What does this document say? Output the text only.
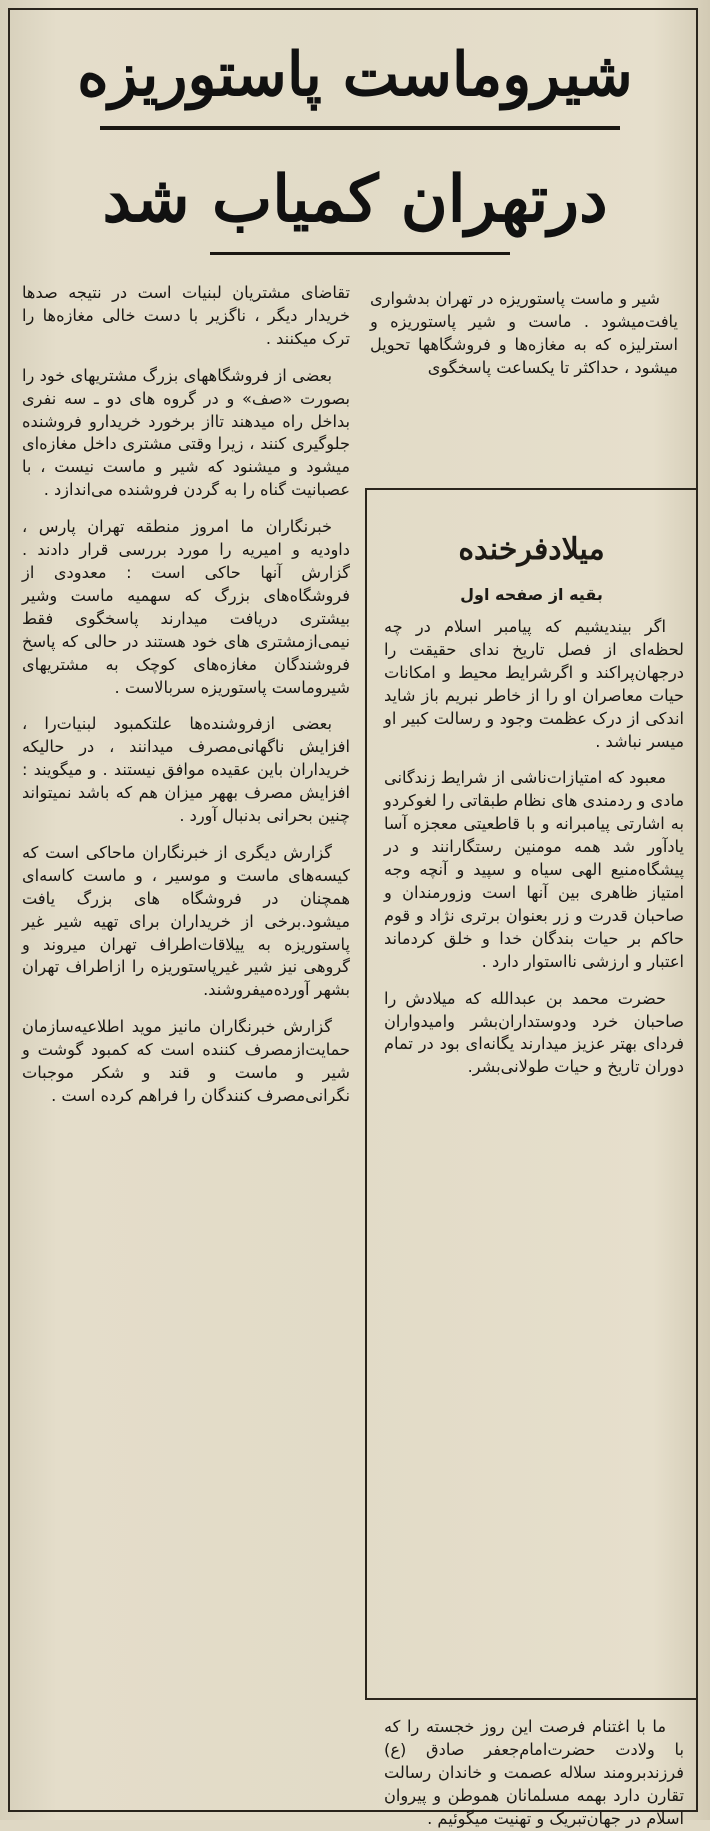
شیروماست پاستوریزه
درتهران کمیاب شد

شیر و ماست پاستوریزه در تهران بدشواری یافت‌میشود . ماست و شیر پاستوریزه و استرلیزه که به مغازه‌ها و فروشگاهها تحویل میشود ، حداکثر تا یکساعت پاسخگوی

تقاضای مشتریان لبنیات است در نتیجه صدها خریدار دیگر ، ناگزیر با دست خالی مغازه‌ها را ترک میکنند .

بعضی از فروشگاههای بزرگ مشتریهای خود را بصورت «صف» و در گروه های دو ـ سه نفری بداخل راه میدهند تااز برخورد خریدارو فروشنده جلوگیری کنند ، زیرا وقتی مشتری داخل مغازه‌ای میشود و میشنود که شیر و ماست نیست ، با عصبانیت گناه را به گردن فروشنده می‌اندازد .

خبرنگاران ما امروز منطقه تهران پارس ، داودیه و امیریه را مورد بررسی قرار دادند . گزارش آنها حاکی است : معدودی از فروشگاه‌های بزرگ که سهمیه ماست وشیر بیشتری دریافت میدارند پاسخگوی فقط نیمی‌ازمشتری های خود هستند در حالی که پاسخ فروشندگان مغازه‌های کوچک به مشتریهای شیروماست پاستوریزه سربالاست .

بعضی ازفروشنده‌ها علتکمبود لبنیات‌را ، افزایش ناگهانی‌مصرف میدانند ، در حالیکه خریداران باین عقیده موافق نیستند . و میگویند : افزایش مصرف بههر میزان هم که باشد نمیتواند چنین بحرانی بدنبال آورد .

گزارش دیگری از خبرنگاران ماحاکی است که کیسه‌های ماست و موسیر ، و ماست کاسه‌ای همچنان در فروشگاه های بزرگ یافت میشود.برخی از خریداران برای تهیه شیر غیر پاستوریزه به ییلاقات‌اطراف تهران میروند و گروهی نیز شیر غیرپاستوریزه را ازاطراف تهران بشهر آورده‌میفروشند.

گزارش خبرنگاران مانیز موید اطلاعیه‌سازمان حمایت‌ازمصرف کننده است که کمبود گوشت و شیر و ماست و قند و شکر موجبات نگرانی‌مصرف کنندگان را فراهم کرده است .

میلادفرخنده
بقیه از صفحه اول

اگر بیندیشیم که پیامبر اسلام در چه لحظه‌ای از فصل تاریخ ندای حقیقت را درجهان‌پراکند و اگرشرایط محیط و امکانات حیات معاصران او را از خاطر نبریم باز شاید اندکی از درک عظمت وجود و رسالت کبیر او میسر نباشد .

معبود که امتیازات‌ناشی از شرایط زندگانی مادی و ردمندی های نظام طبقاتی را لغوکردو به اشارتی پیامبرانه و با قاطعیتی معجزه آسا یادآور شد همه مومنین رستگارانند و در پیشگاه‌منیع الهی سیاه و سپید و آنچه وجه امتیاز ظاهری بین آنها است وزورمندان و صاحبان قدرت و زر بعنوان برتری نژاد و قوم حاکم بر حیات بندگان خدا و خلق کردماند اعتبار و ارزشی نااستوار دارد .

حضرت محمد بن عبدالله که میلادش را صاحبان خرد ودوستداران‌بشر وامیدواران فردای بهتر عزیز میدارند یگانه‌ای بود در تمام دوران تاریخ و حیات طولانی‌بشر.

ما با اغتنام فرصت این روز خجسته را که با ولادت حضرت‌امام‌جعفر صادق (ع) فرزندبرومند سلاله عصمت و خاندان رسالت تقارن دارد بهمه مسلمانان هموطن و پیروان اسلام در جهان‌تبریک و تهنیت میگوئیم .
